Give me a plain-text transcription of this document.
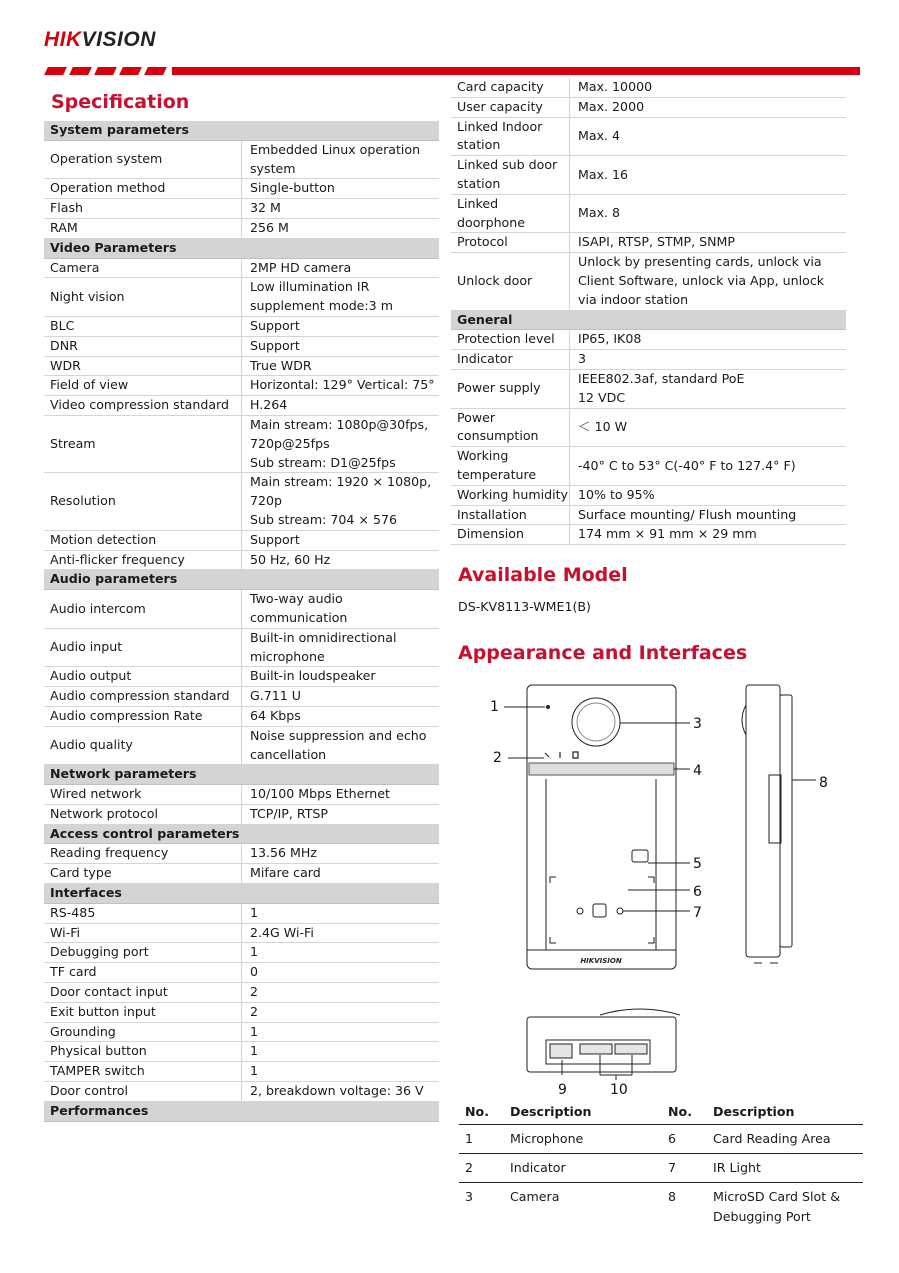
HIKVISION
Specification
System parameters	
Operation system	Embedded Linux operation system
Operation method	Single-button
Flash	32 M
RAM	256 M
Video Parameters	
Camera	2MP HD camera
Night vision	Low illumination IR supplement mode:3 m
BLC	Support
DNR	Support
WDR	True WDR
Field of view	Horizontal: 129° Vertical: 75°
Video compression standard	H.264
Stream	Main stream: 1080p@30fps, 720p@25fps
Sub stream: D1@25fps
Resolution	Main stream: 1920 × 1080p, 720p
Sub stream: 704 × 576
Motion detection	Support
Anti-flicker frequency	50 Hz, 60 Hz
Audio parameters	
Audio intercom	Two-way audio communication
Audio input	Built-in omnidirectional microphone
Audio output	Built-in loudspeaker
Audio compression standard	G.711 U
Audio compression Rate	64 Kbps
Audio quality	Noise suppression and echo cancellation
Network parameters	
Wired network	10/100 Mbps Ethernet
Network protocol	TCP/IP, RTSP
Access control parameters	
Reading frequency	13.56 MHz
Card type	Mifare card
Interfaces	
RS-485	1
Wi-Fi	2.4G Wi-Fi
Debugging port	1
TF card	0
Door contact input	2
Exit button input	2
Grounding	1
Physical button	1
TAMPER switch	1
Door control	2, breakdown voltage: 36 V
Performances	
Card capacity	Max. 10000
User capacity	Max. 2000
Linked Indoor station	Max. 4
Linked sub door station	Max. 16
Linked doorphone	Max. 8
Protocol	ISAPI, RTSP, STMP, SNMP
Unlock door	Unlock by presenting cards, unlock via Client Software, unlock via App, unlock via indoor station
General	
Protection level	IP65, IK08
Indicator	3
Power supply	IEEE802.3af, standard PoE
12 VDC
Power consumption	＜ 10 W
Working temperature	-40° C to 53° C(-40° F to 127.4° F)
Working humidity	10% to 95%
Installation	Surface mounting/ Flush mounting
Dimension	174 mm × 91 mm × 29 mm
Available Model
DS-KV8113-WME1(B)
Appearance and Interfaces
HIKVISION
1
2
3
4
5
6
7
8
9	10
No.	Description	No.	Description
1	Microphone	6	Card Reading Area
2	Indicator	7	IR Light
3	Camera	8	MicroSD Card Slot & Debugging Port
